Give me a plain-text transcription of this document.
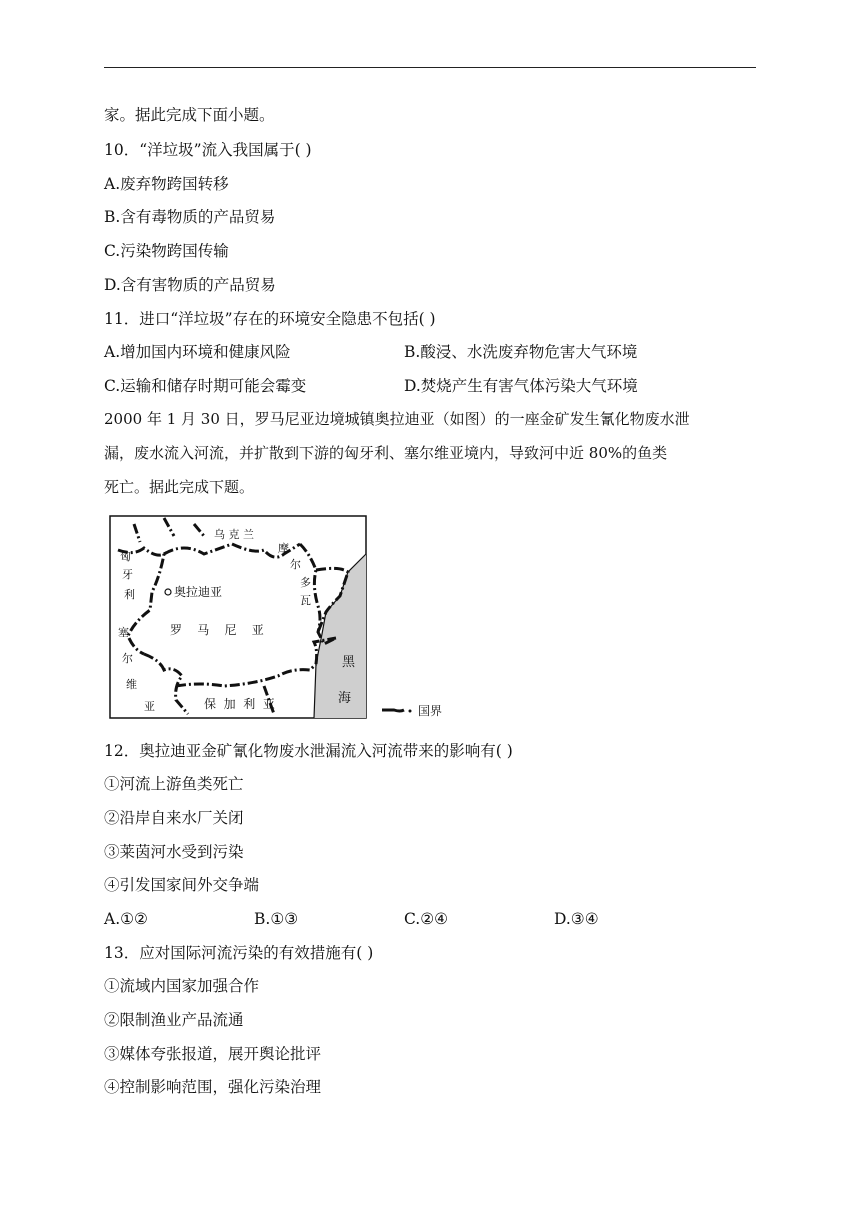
家。据此完成下面小题。
10．“洋垃圾”流入我国属于( )
A.废弃物跨国转移
B.含有毒物质的产品贸易
C.污染物跨国传输
D.含有害物质的产品贸易
11．进口“洋垃圾”存在的环境安全隐患不包括( )
A.增加国内环境和健康风险	B.酸浸、水洗废弃物危害大气环境
C.运输和储存时期可能会霉变	D.焚烧产生有害气体污染大气环境
2000 年 1 月 30 日，罗马尼亚边境城镇奥拉迪亚（如图）的一座金矿发生氰化物废水泄
漏，废水流入河流，并扩散到下游的匈牙利、塞尔维亚境内，导致河中近 80%的鱼类
死亡。据此完成下题。
奥拉迪亚
乌 克 兰
匈
牙
利
塞
尔
维
亚
摩
尔
多
瓦
罗    马    尼    亚
保  加  利  亚
黑
海
国界
12．奥拉迪亚金矿氰化物废水泄漏流入河流带来的影响有( )
①河流上游鱼类死亡
②沿岸自来水厂关闭
③莱茵河水受到污染
④引发国家间外交争端
A.①②	B.①③	C.②④	D.③④
13．应对国际河流污染的有效措施有( )
①流域内国家加强合作
②限制渔业产品流通
③媒体夸张报道，展开舆论批评
④控制影响范围，强化污染治理
